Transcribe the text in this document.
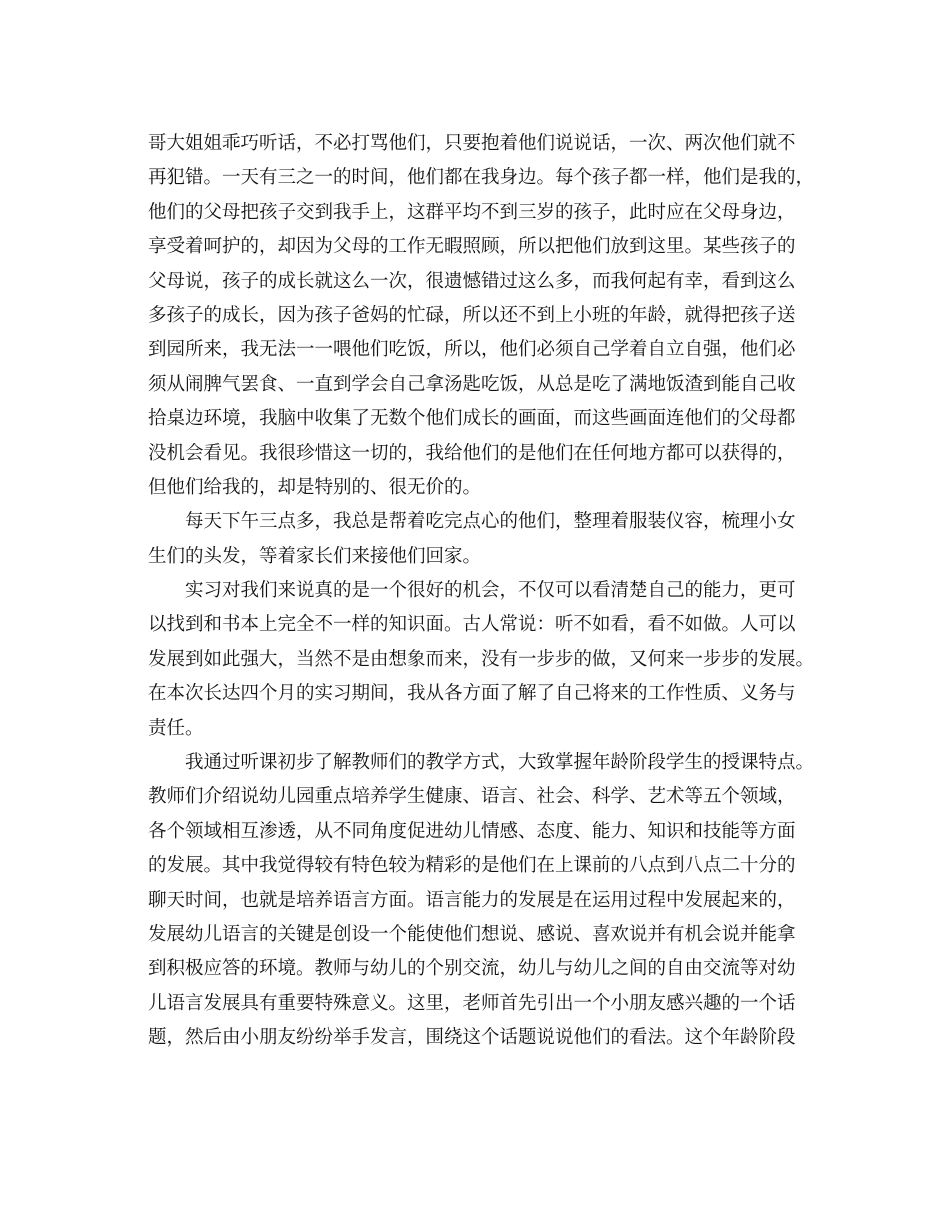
哥大姐姐乖巧听话，不必打骂他们，只要抱着他们说说话，一次、两次他们就不
再犯错。一天有三之一的时间，他们都在我身边。每个孩子都一样，他们是我的，
他们的父母把孩子交到我手上，这群平均不到三岁的孩子，此时应在父母身边，
享受着呵护的，却因为父母的工作无暇照顾，所以把他们放到这里。某些孩子的
父母说，孩子的成长就这么一次，很遗憾错过这么多，而我何起有幸，看到这么
多孩子的成长，因为孩子爸妈的忙碌，所以还不到上小班的年龄，就得把孩子送
到园所来，我无法一一喂他们吃饭，所以，他们必须自己学着自立自强，他们必
须从闹脾气罢食、一直到学会自己拿汤匙吃饭，从总是吃了满地饭渣到能自己收
拾桌边环境，我脑中收集了无数个他们成长的画面，而这些画面连他们的父母都
没机会看见。我很珍惜这一切的，我给他们的是他们在任何地方都可以获得的，
但他们给我的，却是特别的、很无价的。
每天下午三点多，我总是帮着吃完点心的他们，整理着服装仪容，梳理小女
生们的头发，等着家长们来接他们回家。
实习对我们来说真的是一个很好的机会，不仅可以看清楚自己的能力，更可
以找到和书本上完全不一样的知识面。古人常说：听不如看，看不如做。人可以
发展到如此强大，当然不是由想象而来，没有一步步的做，又何来一步步的发展。
在本次长达四个月的实习期间，我从各方面了解了自己将来的工作性质、义务与
责任。
我通过听课初步了解教师们的教学方式，大致掌握年龄阶段学生的授课特点。
教师们介绍说幼儿园重点培养学生健康、语言、社会、科学、艺术等五个领域，
各个领域相互渗透，从不同角度促进幼儿情感、态度、能力、知识和技能等方面
的发展。其中我觉得较有特色较为精彩的是他们在上课前的八点到八点二十分的
聊天时间，也就是培养语言方面。语言能力的发展是在运用过程中发展起来的，
发展幼儿语言的关键是创设一个能使他们想说、感说、喜欢说并有机会说并能拿
到积极应答的环境。教师与幼儿的个别交流，幼儿与幼儿之间的自由交流等对幼
儿语言发展具有重要特殊意义。这里，老师首先引出一个小朋友感兴趣的一个话
题，然后由小朋友纷纷举手发言，围绕这个话题说说他们的看法。这个年龄阶段
